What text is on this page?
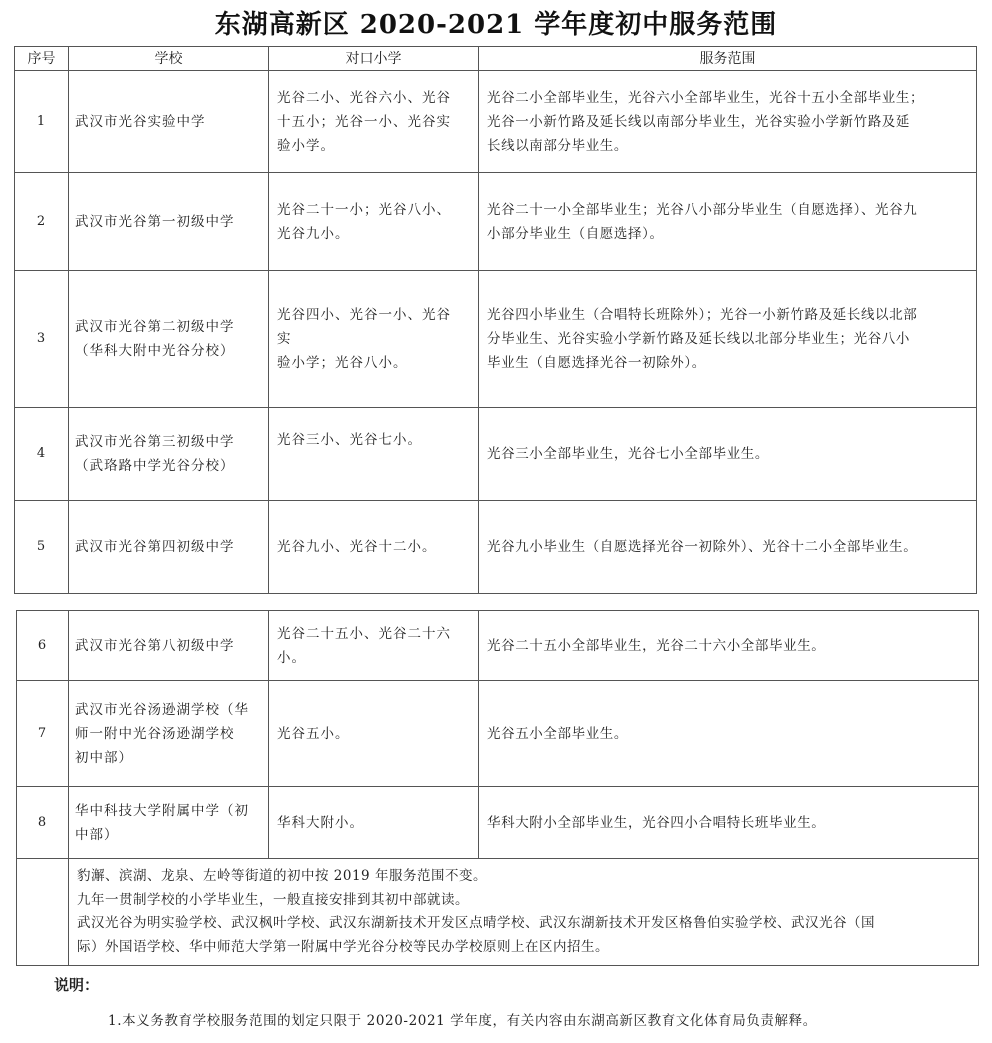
东湖高新区 2020-2021 学年度初中服务范围
序号	学校	对口小学	服务范围
1	武汉市光谷实验中学	光谷二小、光谷六小、光谷
十五小；光谷一小、光谷实
验小学。	光谷二小全部毕业生，光谷六小全部毕业生，光谷十五小全部毕业生；
光谷一小新竹路及延长线以南部分毕业生，光谷实验小学新竹路及延
长线以南部分毕业生。

2	武汉市光谷第一初级中学	光谷二十一小；光谷八小、
光谷九小。	光谷二十一小全部毕业生；光谷八小部分毕业生（自愿选择）、光谷九
小部分毕业生（自愿选择）。

3	武汉市光谷第二初级中学
（华科大附中光谷分校）	光谷四小、光谷一小、光谷
实
验小学；光谷八小。	光谷四小毕业生（合唱特长班除外）；光谷一小新竹路及延长线以北部
分毕业生、光谷实验小学新竹路及延长线以北部分毕业生；光谷八小
毕业生（自愿选择光谷一初除外）。

4	武汉市光谷第三初级中学
（武珞路中学光谷分校）	光谷三小、光谷七小。	光谷三小全部毕业生，光谷七小全部毕业生。

5	武汉市光谷第四初级中学	光谷九小、光谷十二小。	光谷九小毕业生（自愿选择光谷一初除外）、光谷十二小全部毕业生。
6	武汉市光谷第八初级中学	光谷二十五小、光谷二十六
小。	光谷二十五小全部毕业生，光谷二十六小全部毕业生。

7	武汉市光谷汤逊湖学校（华
师一附中光谷汤逊湖学校
初中部）	光谷五小。	光谷五小全部毕业生。

8	华中科技大学附属中学（初
中部）	华科大附小。	华科大附小全部毕业生，光谷四小合唱特长班毕业生。

	豹澥、滨湖、龙泉、左岭等街道的初中按 2019 年服务范围不变。
九年一贯制学校的小学毕业生，一般直接安排到其初中部就读。
武汉光谷为明实验学校、武汉枫叶学校、武汉东湖新技术开发区点晴学校、武汉东湖新技术开发区格鲁伯实验学校、武汉光谷（国
际）外国语学校、华中师范大学第一附属中学光谷分校等民办学校原则上在区内招生。		
说明：
1.本义务教育学校服务范围的划定只限于 2020-2021 学年度，有关内容由东湖高新区教育文化体育局负责解释。
